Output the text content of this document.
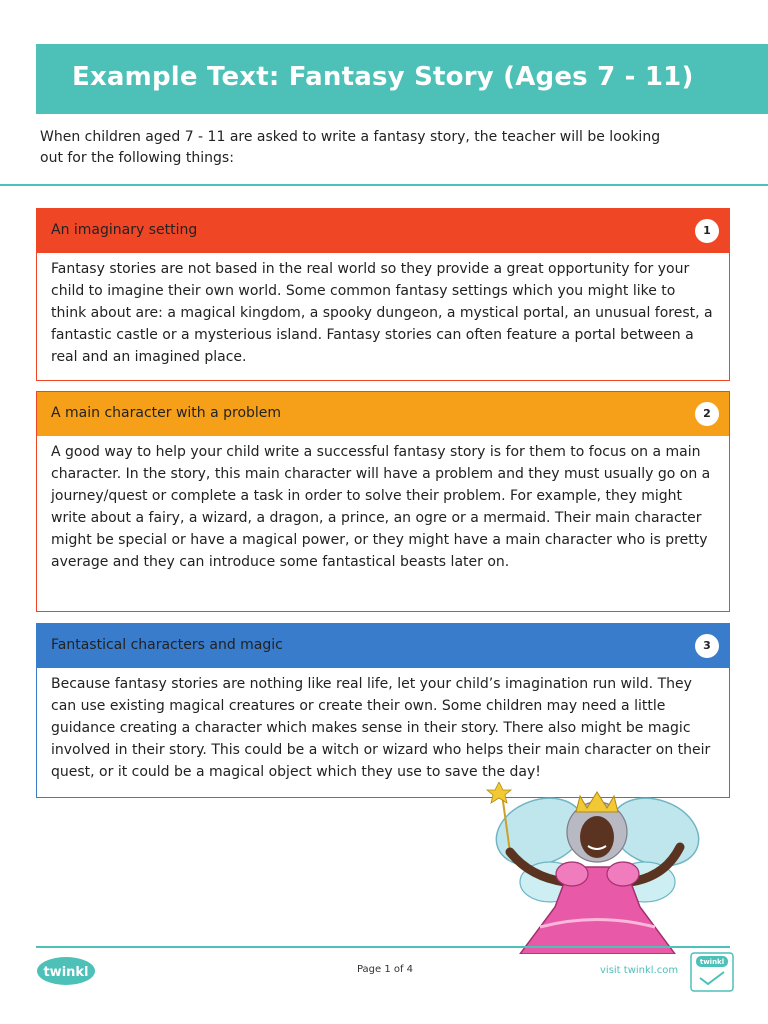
Example Text: Fantasy Story (Ages 7 - 11)
When children aged 7 - 11 are asked to write a fantasy story, the teacher will be looking out for the following things:
An imaginary setting	1
Fantasy stories are not based in the real world so they provide a great opportunity for your child to imagine their own world. Some common fantasy settings which you might like to think about are: a magical kingdom, a spooky dungeon, a mystical portal, an unusual forest, a fantastic castle or a mysterious island. Fantasy stories can often feature a portal between a real and an imagined place.
A main character with a problem	2
A good way to help your child write a successful fantasy story is for them to focus on a main character. In the story, this main character will have a problem and they must usually go on a journey/quest or complete a task in order to solve their problem. For example, they might write about a fairy, a wizard, a dragon, a prince, an ogre or a mermaid. Their main character might be special or have a magical power, or they might have a main character who is pretty average and they can introduce some fantastical beasts later on.
Fantastical characters and magic	3
Because fantasy stories are nothing like real life, let your child’s imagination run wild. They can use existing magical creatures or create their own. Some children may need a little guidance creating a character which makes sense in their story. There also might be magic involved in their story. This could be a witch or wizard who helps their main character on their quest, or it could be a magical object which they use to save the day!
twinkl	Page 1 of 4	visit twinkl.com
twinkl
